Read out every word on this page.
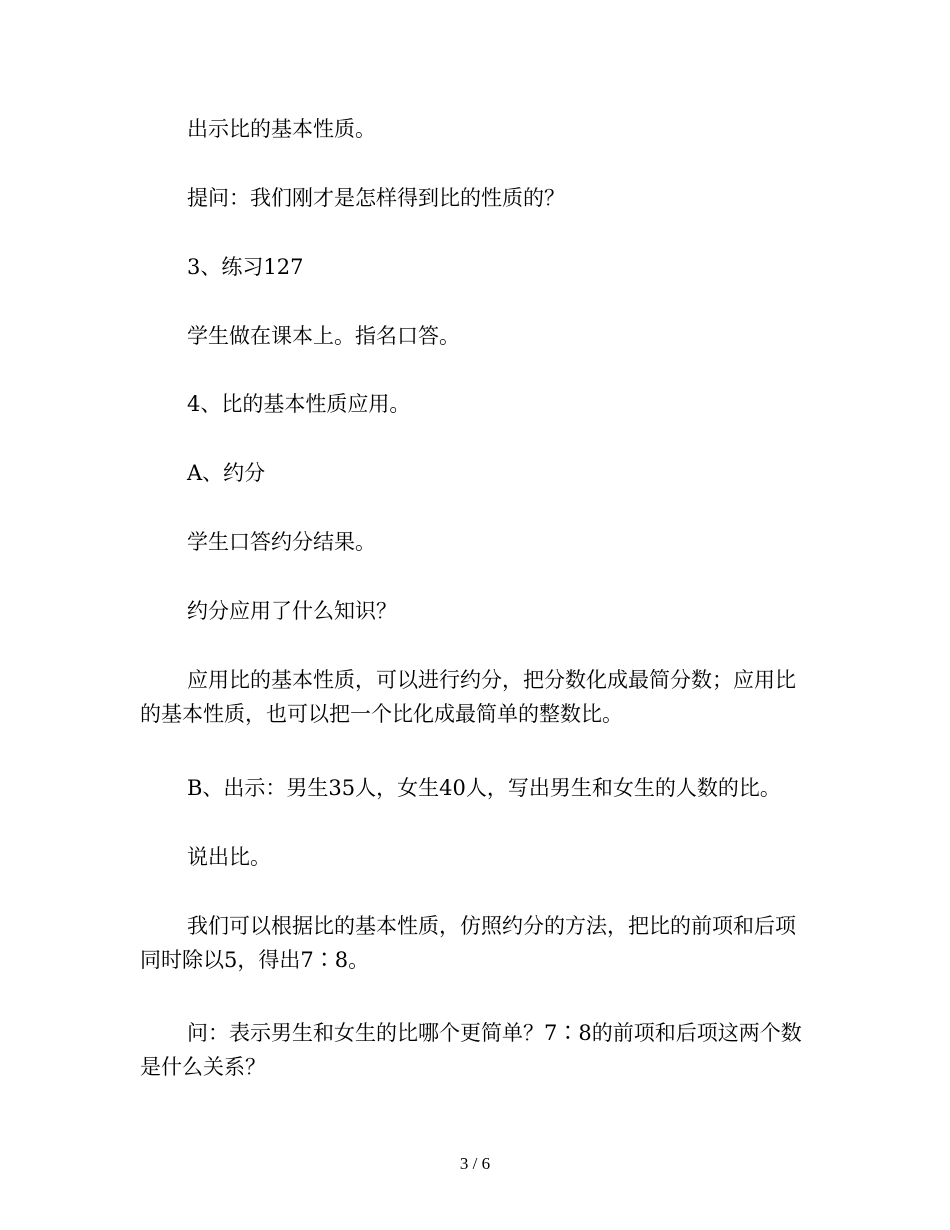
出示比的基本性质。

提问：我们刚才是怎样得到比的性质的？

3、练习127

学生做在课本上。指名口答。

4、比的基本性质应用。

A、约分

学生口答约分结果。

约分应用了什么知识？

应用比的基本性质，可以进行约分，把分数化成最简分数；应用比的基本性质，也可以把一个比化成最简单的整数比。

B、出示：男生35人，女生40人，写出男生和女生的人数的比。

说出比。

我们可以根据比的基本性质，仿照约分的方法，把比的前项和后项同时除以5，得出7∶8。

问：表示男生和女生的比哪个更简单？7∶8的前项和后项这两个数是什么关系？

3 / 6
